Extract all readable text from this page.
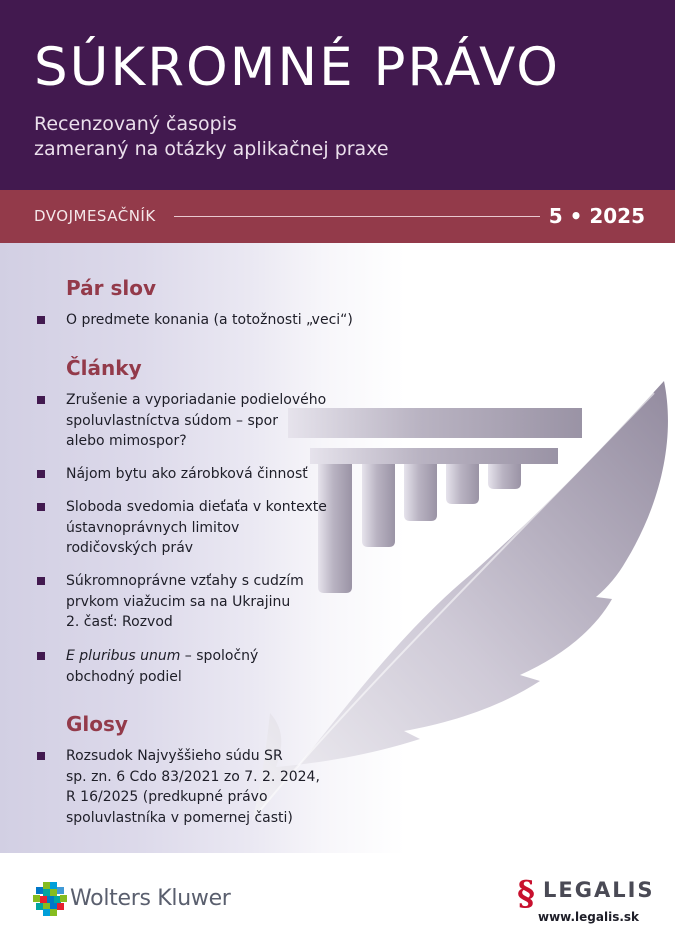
SÚKROMNÉ PRÁVO
Recenzovaný časopis
zameraný na otázky aplikačnej praxe
DVOJMESAČNÍK	5 • 2025
Pár slov
O predmete konania (a totožnosti „veci“)
Články
Zrušenie a vyporiadanie podielového
spoluvlastníctva súdom – spor
alebo mimospor?
Nájom bytu ako zárobková činnosť
Sloboda svedomia dieťaťa v kontexte
ústavnoprávnych limitov
rodičovských práv
Súkromnoprávne vzťahy s cudzím
prvkom viažucim sa na Ukrajinu
2. časť: Rozvod
E pluribus unum – spoločný
obchodný podiel
Glosy
Rozsudok Najvyššieho súdu SR
sp. zn. 6 Cdo 83/2021 zo 7. 2. 2024,
R 16/2025 (predkupné právo
spoluvlastníka v pomernej časti)
Wolters Kluwer	§ LEGALIS
www.legalis.sk
